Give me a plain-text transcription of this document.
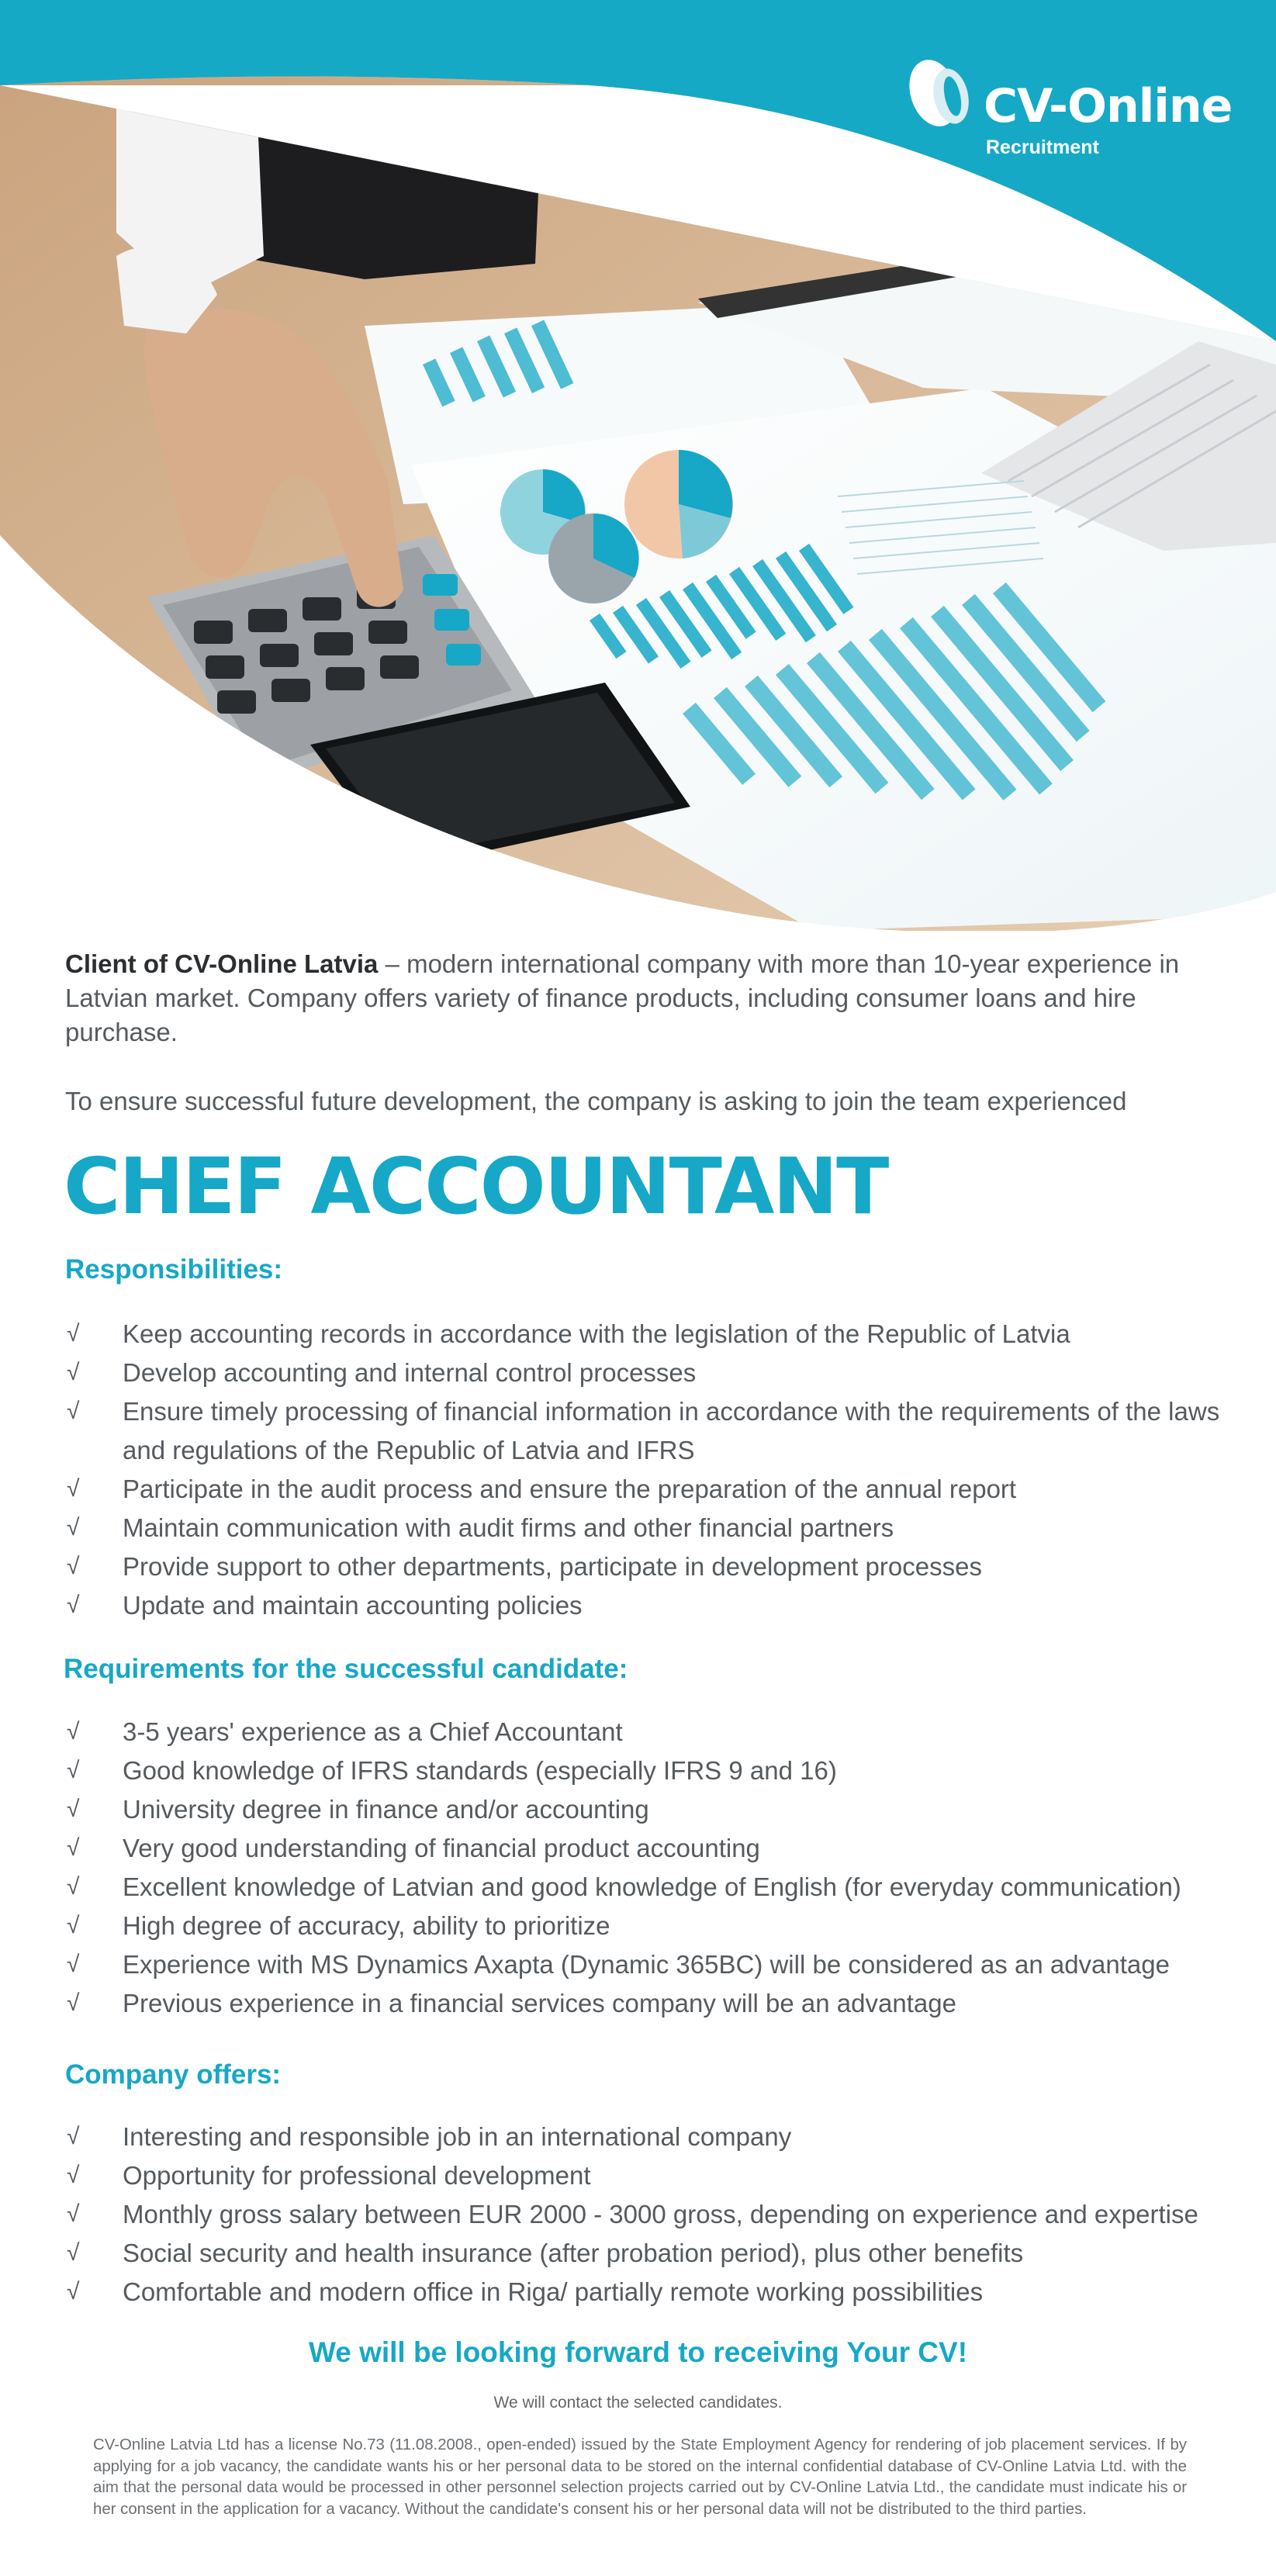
CV-Online
Recruitment
Client of CV-Online Latvia – modern international company with more than 10-year experience in Latvian market. Company offers variety of finance products, including consumer loans and hire purchase.
To ensure successful future development, the company is asking to join the team experienced
CHEF ACCOUNTANT
Responsibilities:
√	Keep accounting records in accordance with the legislation of the Republic of Latvia
√	Develop accounting and internal control processes
√	Ensure timely processing of financial information in accordance with the requirements of the laws and regulations of the Republic of Latvia and IFRS
√	Participate in the audit process and ensure the preparation of the annual report
√	Maintain communication with audit firms and other financial partners
√	Provide support to other departments, participate in development processes
√	Update and maintain accounting policies
Requirements for the successful candidate:
√	3-5 years' experience as a Chief Accountant
√	Good knowledge of IFRS standards (especially IFRS 9 and 16)
√	University degree in finance and/or accounting
√	Very good understanding of financial product accounting
√	Excellent knowledge of Latvian and good knowledge of English (for everyday communication)
√	High degree of accuracy, ability to prioritize
√	Experience with MS Dynamics Axapta (Dynamic 365BC) will be considered as an advantage
√	Previous experience in a financial services company will be an advantage
Company offers:
√	Interesting and responsible job in an international company
√	Opportunity for professional development
√	Monthly gross salary between EUR 2000 - 3000 gross, depending on experience and expertise
√	Social security and health insurance (after probation period), plus other benefits
√	Comfortable and modern office in Riga/ partially remote working possibilities
We will be looking forward to receiving Your CV!
We will contact the selected candidates.
CV-Online Latvia Ltd has a license No.73 (11.08.2008., open-ended) issued by the State Employment Agency for rendering of job placement services. If by applying for a job vacancy, the candidate wants his or her personal data to be stored on the internal confidential database of CV-Online Latvia Ltd. with the aim that the personal data would be processed in other personnel selection projects carried out by CV-Online Latvia Ltd., the candidate must indicate his or her consent in the application for a vacancy. Without the candidate's consent his or her personal data will not be distributed to the third parties.
